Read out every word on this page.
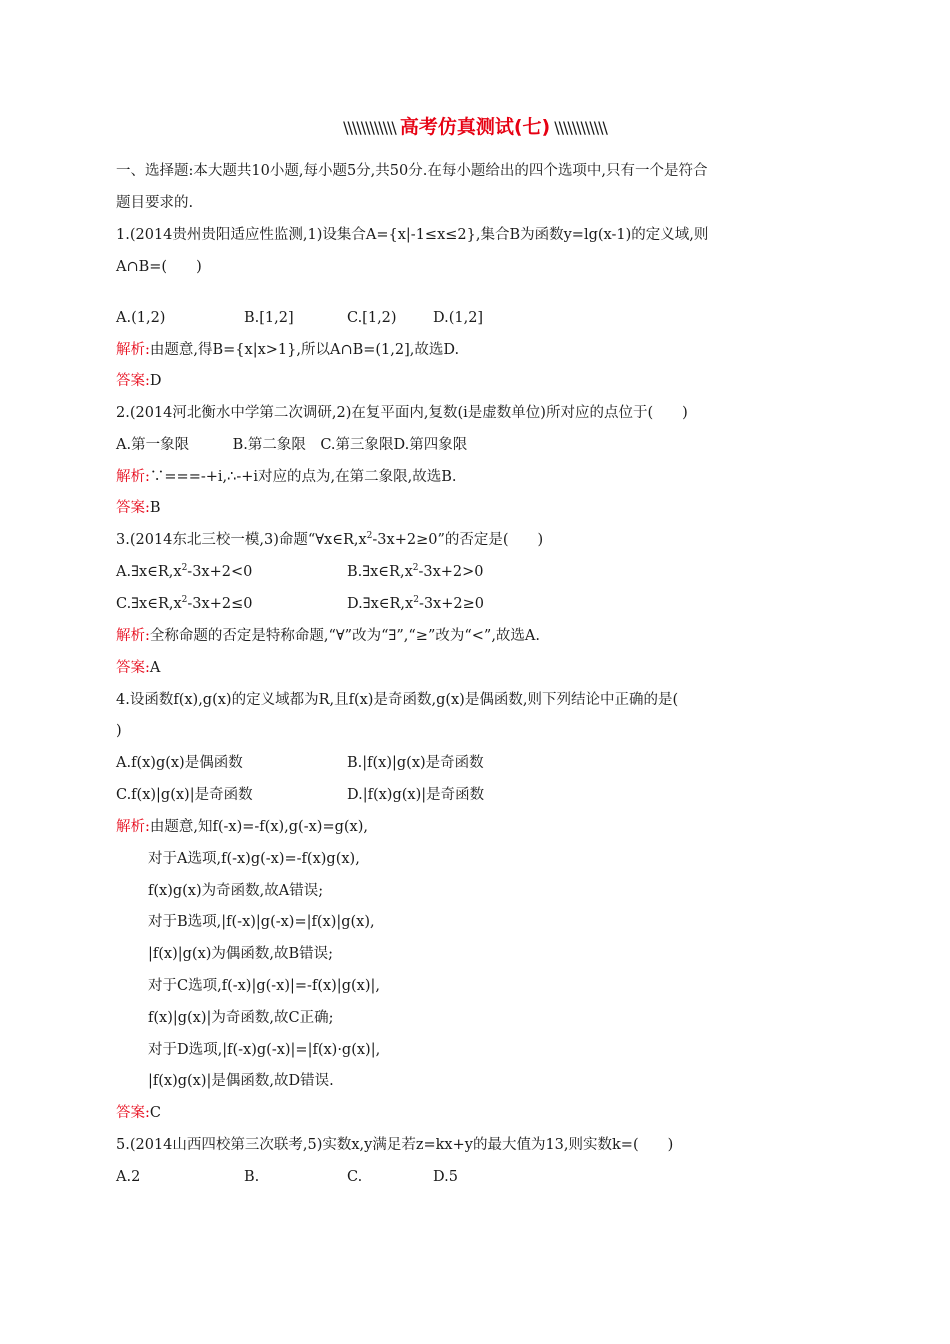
\\\\\\\\\\\\ 高考仿真测试(七) \\\\\\\\\\\\
一、选择题:本大题共10小题,每小题5分,共50分.在每小题给出的四个选项中,只有一个是符合
题目要求的.
1.(2014贵州贵阳适应性监测,1)设集合A={x|-1≤x≤2},集合B为函数y=lg(x-1)的定义域,则
A∩B=(　　)
A.(1,2)	B.[1,2]	C.[1,2)	D.(1,2]
解析:由题意,得B={x|x>1},所以A∩B=(1,2],故选D.
答案:D
2.(2014河北衡水中学第二次调研,2)在复平面内,复数(i是虚数单位)所对应的点位于(　　)
A.第一象限　　　B.第二象限　C.第三象限D.第四象限
解析:∵===-+i,∴-+i对应的点为,在第二象限,故选B.
答案:B
3.(2014东北三校一模,3)命题“$\forall x\in R,x^2-3x+2\ge 0$”的否定是(　　)
$A.\exists x\in R,x^2-3x+2<0$	$B.\exists x\in R,x^2-3x+2>0$
$C.\exists x\in R,x^2-3x+2\le 0$	$D.\exists x\in R,x^2-3x+2\ge 0$
解析:全称命题的否定是特称命题,“∀”改为“∃”,“≥”改为“<”,故选A.
答案:A
4.设函数f(x),g(x)的定义域都为R,且f(x)是奇函数,g(x)是偶函数,则下列结论中正确的是(
)
A.f(x)g(x)是偶函数	B.|f(x)|g(x)是奇函数
C.f(x)|g(x)|是奇函数	D.|f(x)g(x)|是奇函数
解析:由题意,知f(-x)=-f(x),g(-x)=g(x),
对于A选项,f(-x)g(-x)=-f(x)g(x),
f(x)g(x)为奇函数,故A错误;
对于B选项,|f(-x)|g(-x)=|f(x)|g(x),
|f(x)|g(x)为偶函数,故B错误;
对于C选项,f(-x)|g(-x)|=-f(x)|g(x)|,
f(x)|g(x)|为奇函数,故C正确;
对于D选项,|f(-x)g(-x)|=|f(x)·g(x)|,
|f(x)g(x)|是偶函数,故D错误.
答案:C
5.(2014山西四校第三次联考,5)实数x,y满足若z=kx+y的最大值为13,则实数k=(　　)
A.2	B.	C.	D.5
